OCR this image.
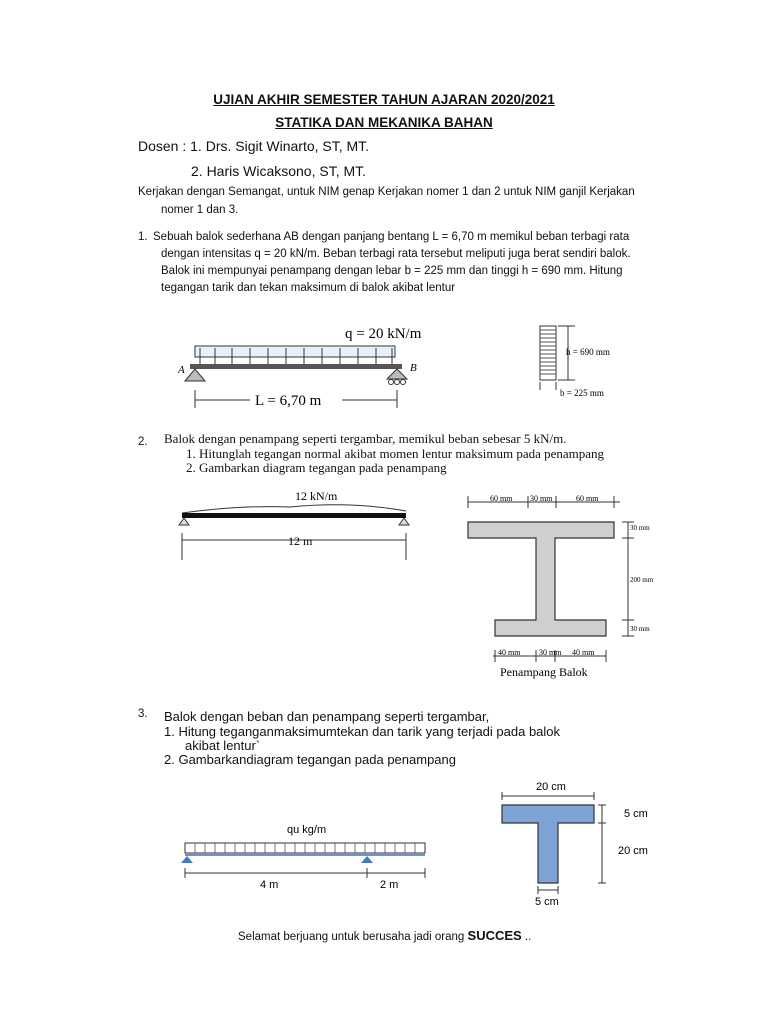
UJIAN AKHIR SEMESTER TAHUN AJARAN 2020/2021
STATIKA DAN MEKANIKA BAHAN
Dosen : 1. Drs. Sigit Winarto, ST, MT.
2. Haris Wicaksono, ST, MT.
Kerjakan dengan Semangat, untuk NIM genap Kerjakan nomer 1 dan 2 untuk NIM ganjil Kerjakan
nomer 1 dan 3.
1. Sebuah balok sederhana AB dengan panjang bentang L = 6,70 m memikul beban terbagi rata
dengan intensitas q = 20 kN/m. Beban terbagi rata tersebut meliputi juga berat sendiri balok.
Balok ini mempunyai penampang dengan lebar b = 225 mm dan tinggi h = 690 mm. Hitung
tegangan tarik dan tekan maksimum di balok akibat lentur
q = 20 kN/m
A	B
L = 6,70 m
h = 690 mm
b = 225 mm
2. Balok dengan penampang seperti tergambar, memikul beban sebesar 5 kN/m.
1. Hitunglah tegangan normal akibat momen lentur maksimum pada penampang
2. Gambarkan diagram tegangan pada penampang
12 kN/m
12 m
60 mm 30 mm	60 mm
30 mm
200 mm
30 mm
40 mm 30 mm 40 mm
Penampang Balok
3. Balok dengan beban dan penampang seperti tergambar,
1. Hitung teganganmaksimumtekan dan tarik yang terjadi pada balok
akibat lentur`
2. Gambarkandiagram tegangan pada penampang
qu kg/m
4 m	2 m
20 cm
5 cm
20 cm
5 cm
Selamat berjuang untuk berusaha jadi orang SUCCES ..
